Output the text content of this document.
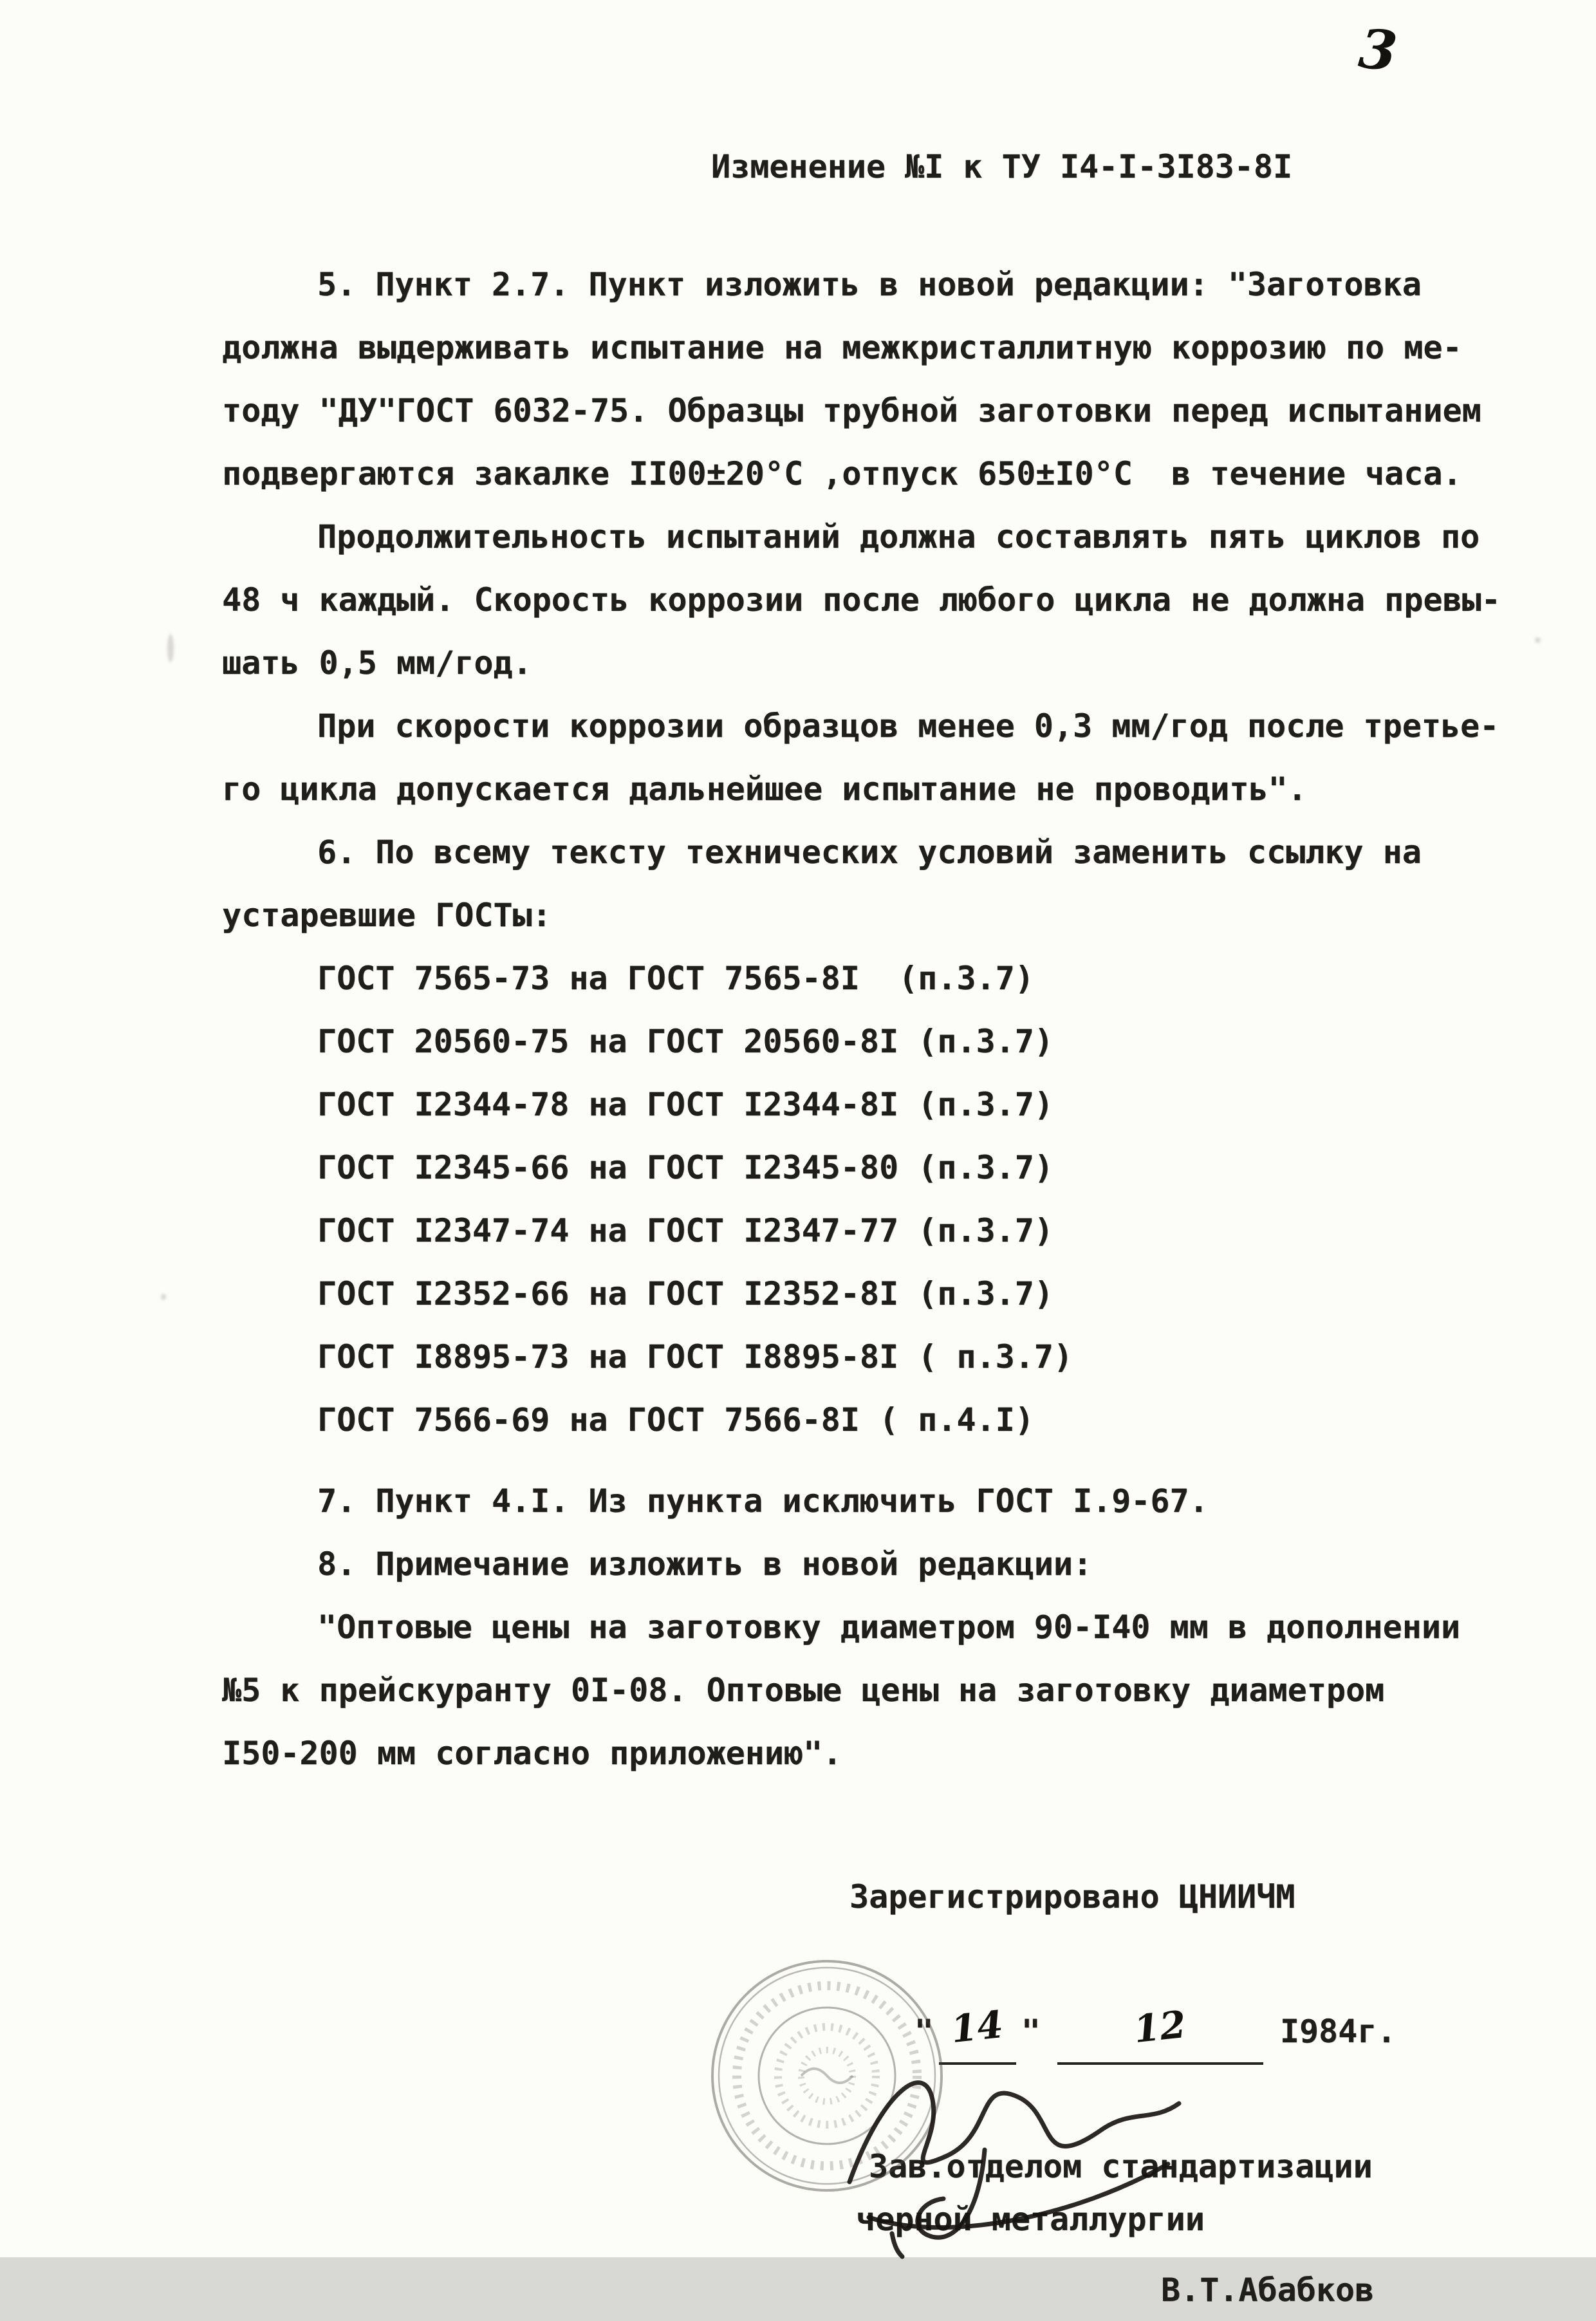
3
Изменение №I к ТУ I4-I-3I83-8I
5. Пункт 2.7. Пункт изложить в новой редакции: "Заготовка
должна выдерживать испытание на межкристаллитную коррозию по ме-
тоду "ДУ"ГОСТ 6032-75. Образцы трубной заготовки перед испытанием
подвергаются закалке II00±20°С ,отпуск 650±I0°С  в течение часа.
Продолжительность испытаний должна составлять пять циклов по
48 ч каждый. Скорость коррозии после любого цикла не должна превы-
шать 0,5 мм/год.
При скорости коррозии образцов менее 0,3 мм/год после третье-
го цикла допускается дальнейшее испытание не проводить".
6. По всему тексту технических условий заменить ссылку на
устаревшие ГОСТы:
ГОСТ 7565-73 на ГОСТ 7565-8I  (п.3.7)
ГОСТ 20560-75 на ГОСТ 20560-8I (п.3.7)
ГОСТ I2344-78 на ГОСТ I2344-8I (п.3.7)
ГОСТ I2345-66 на ГОСТ I2345-80 (п.3.7)
ГОСТ I2347-74 на ГОСТ I2347-77 (п.3.7)
ГОСТ I2352-66 на ГОСТ I2352-8I (п.3.7)
ГОСТ I8895-73 на ГОСТ I8895-8I ( п.3.7)
ГОСТ 7566-69 на ГОСТ 7566-8I ( п.4.I)
7. Пункт 4.I. Из пункта исключить ГОСТ I.9-67.
8. Примечание изложить в новой редакции:
"Оптовые цены на заготовку диаметром 90-I40 мм в дополнении
№5 к прейскуранту 0I-08. Оптовые цены на заготовку диаметром
I50-200 мм согласно приложению".
Зарегистрировано ЦНИИЧМ

" 14 " 12	I984г.

Зав.отделом стандартизации
черной металлургии
В.Т.Абабков
